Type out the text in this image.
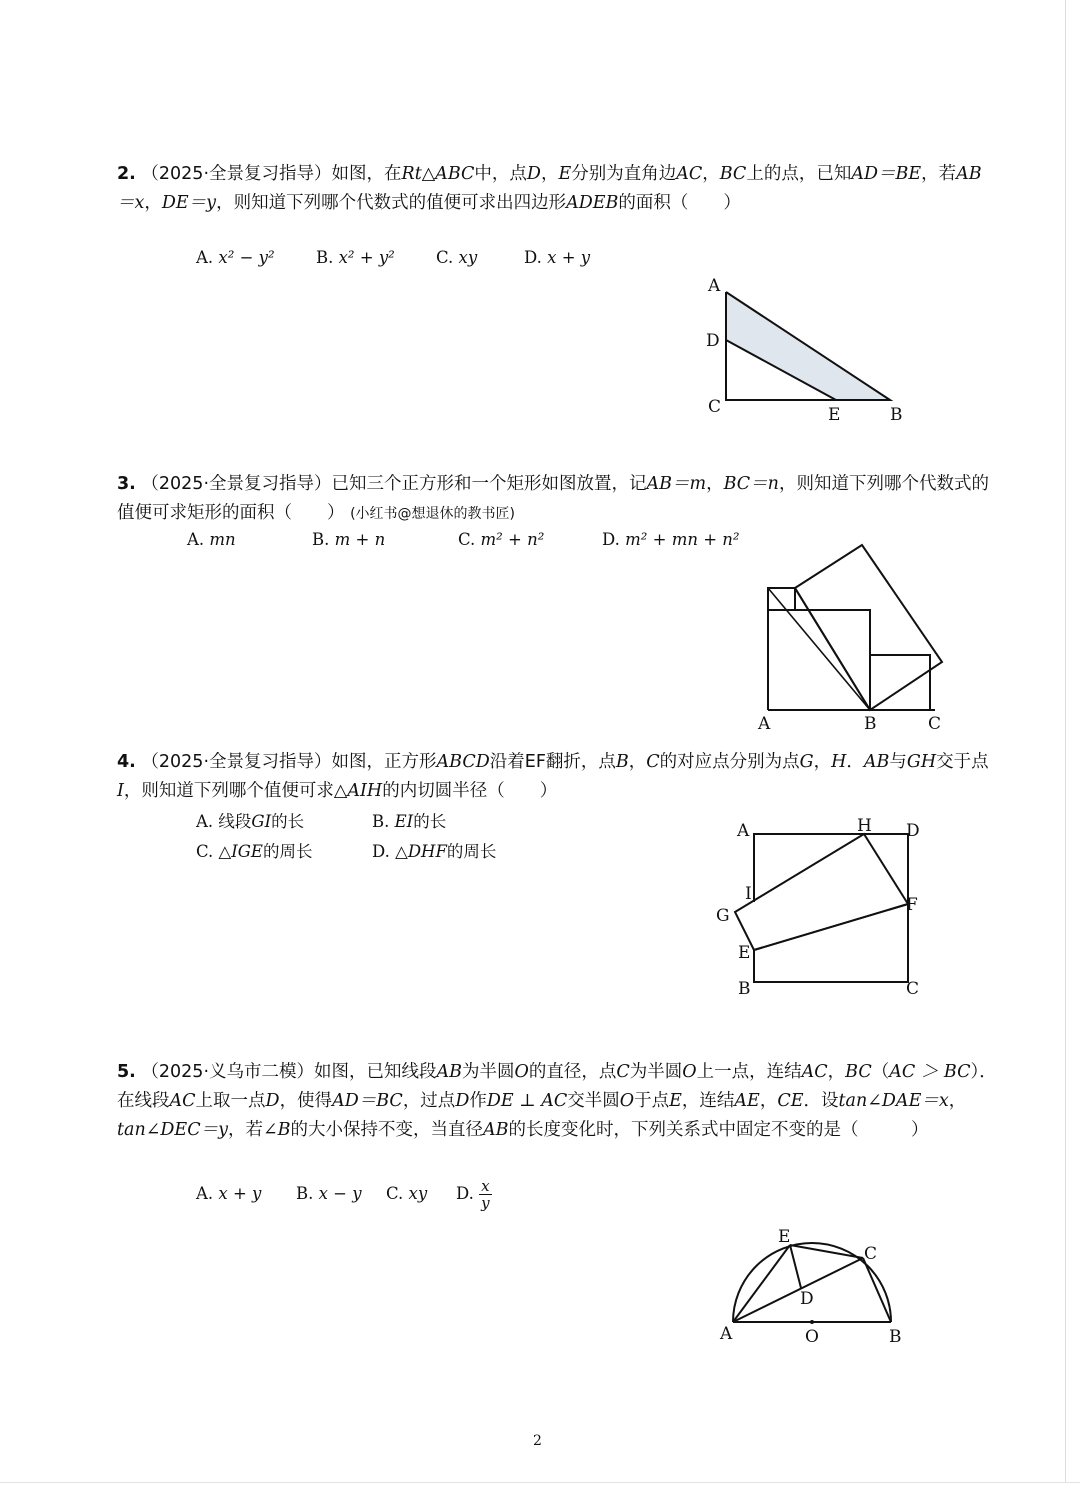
2. （2025·全景复习指导）如图，在Rt△ABC中，点D，E分别为直角边AC，BC上的点，已知AD＝BE，若AB＝x，DE＝y，则知道下列哪个代数式的值便可求出四边形ADEB的面积（　　）
A. x² − y²	B. x² + y² C. xy	D. x + y
A
D
C	E	B
3. （2025·全景复习指导）已知三个正方形和一个矩形如图放置，记AB＝m，BC＝n，则知道下列哪个代数式的值便可求矩形的面积（　　） (小红书@想退休的教书匠)
A. mn	B. m + n	C. m² + n²	D. m² + mn + n²
A	B	C
4. （2025·全景复习指导）如图，正方形ABCD沿着EF翻折，点B，C的对应点分别为点G，H．AB与GH交于点I，则知道下列哪个值便可求△AIH的内切圆半径（　　）
A. 线段GI的长	B. EI的长
C. △IGE的周长	D. △DHF的周长
A	H D
I
F
G
E
B	C
5. （2025·义乌市二模）如图，已知线段AB为半圆O的直径，点C为半圆O上一点，连结AC，BC（AC ＞ BC）．在线段AC上取一点D，使得AD＝BC，过点D作DE ⊥ AC交半圆O于点E，连结AE，CE．设tan∠DAE＝x，tan∠DEC＝y，若∠B的大小保持不变，当直径AB的长度变化时，下列关系式中固定不变的是（　　　）
A. x + y B. x − y C. xy D. $\frac{x}{y}$
E
C
D
A	O	B
2
